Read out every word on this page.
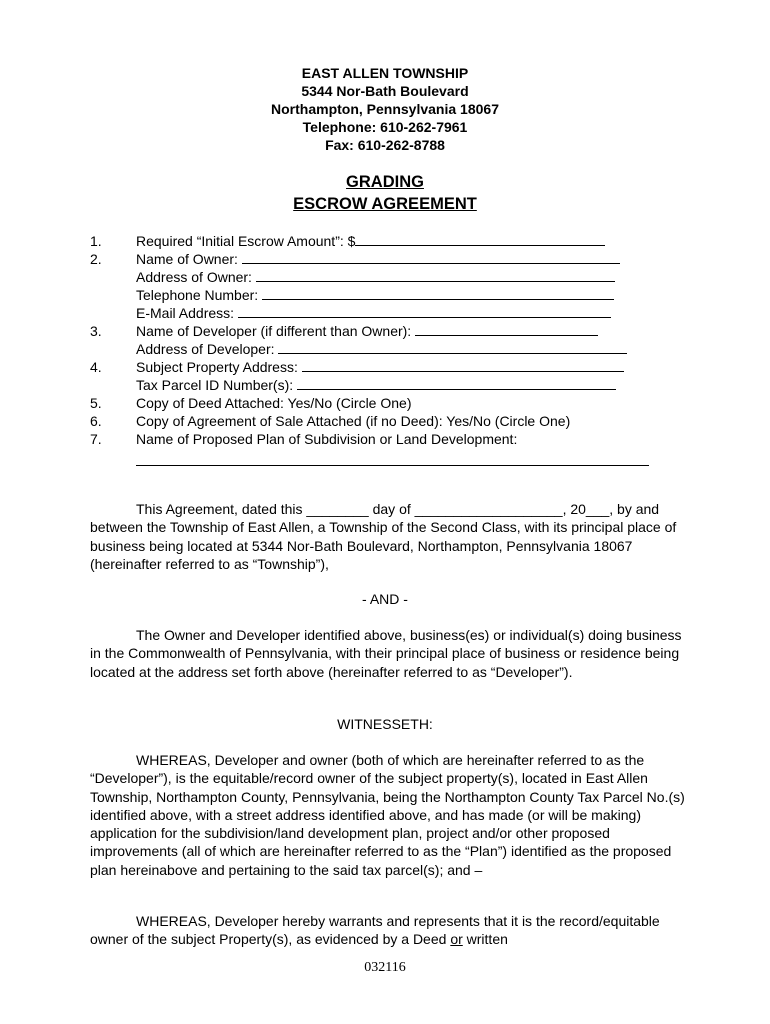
EAST ALLEN TOWNSHIP
5344 Nor-Bath Boulevard
Northampton, Pennsylvania 18067
Telephone: 610-262-7961
Fax: 610-262-8788
GRADING
ESCROW AGREEMENT
1. Required “Initial Escrow Amount”: $
2. Name of Owner:
Address of Owner:
Telephone Number:
E-Mail Address:
3. Name of Developer (if different than Owner):
Address of Developer:
4. Subject Property Address:
Tax Parcel ID Number(s):
5. Copy of Deed Attached: Yes/No (Circle One)
6. Copy of Agreement of Sale Attached (if no Deed): Yes/No (Circle One)
7. Name of Proposed Plan of Subdivision or Land Development:
This Agreement, dated this ________ day of ___________________, 20___, by and between the Township of East Allen, a Township of the Second Class, with its principal place of business being located at 5344 Nor-Bath Boulevard, Northampton, Pennsylvania 18067 (hereinafter referred to as “Township”),
- AND -
The Owner and Developer identified above, business(es) or individual(s) doing business in the Commonwealth of Pennsylvania, with their principal place of business or residence being located at the address set forth above (hereinafter referred to as “Developer”).
WITNESSETH:
WHEREAS, Developer and owner (both of which are hereinafter referred to as the “Developer”), is the equitable/record owner of the subject property(s), located in East Allen Township, Northampton County, Pennsylvania, being the Northampton County Tax Parcel No.(s) identified above, with a street address identified above, and has made (or will be making) application for the subdivision/land development plan, project and/or other proposed improvements (all of which are hereinafter referred to as the “Plan”) identified as the proposed plan hereinabove and pertaining to the said tax parcel(s); and –
WHEREAS, Developer hereby warrants and represents that it is the record/equitable owner of the subject Property(s), as evidenced by a Deed or written
032116
